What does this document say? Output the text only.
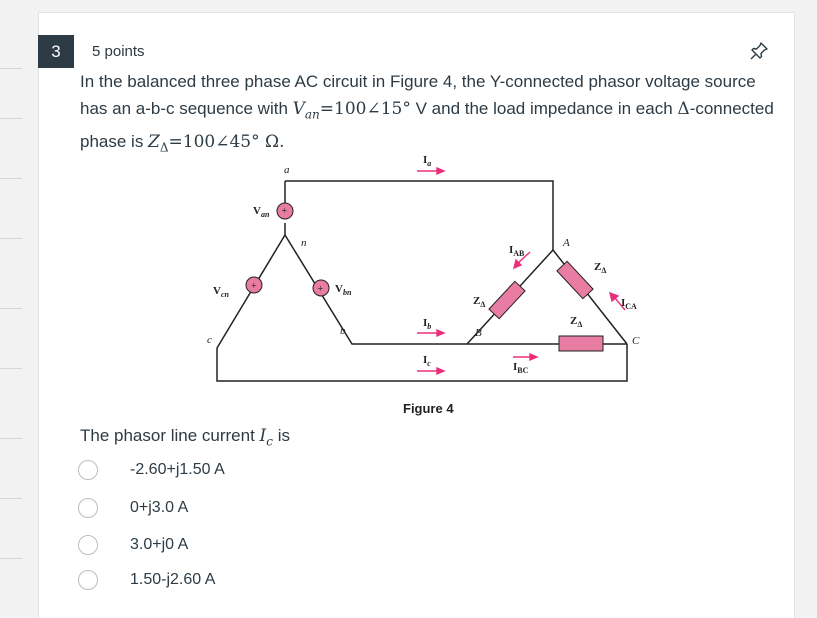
3	5 points

In the balanced three phase AC circuit in Figure 4, the Y-connected phasor voltage source has an a-b-c sequence with $V_{an}=100\angle 15^\circ$ V and the load impedance in each Δ-connected phase is $Z_\Delta=100\angle 45^\circ$ Ω.

+
+	+
a
n
b
c
A
B
C
$V_{an}$
$V_{cn}$	$V_{bn}$
$I_a$
$I_b$
$I_c$
$I_{AB}$
$I_{BC}$
$I_{CA}$
$Z_\Delta$
$Z_\Delta$
$Z_\Delta$
Figure 4

The phasor line current $I_c$ is

-2.60+j1.50 A
0+j3.0 A
3.0+j0 A
1.50-j2.60 A
